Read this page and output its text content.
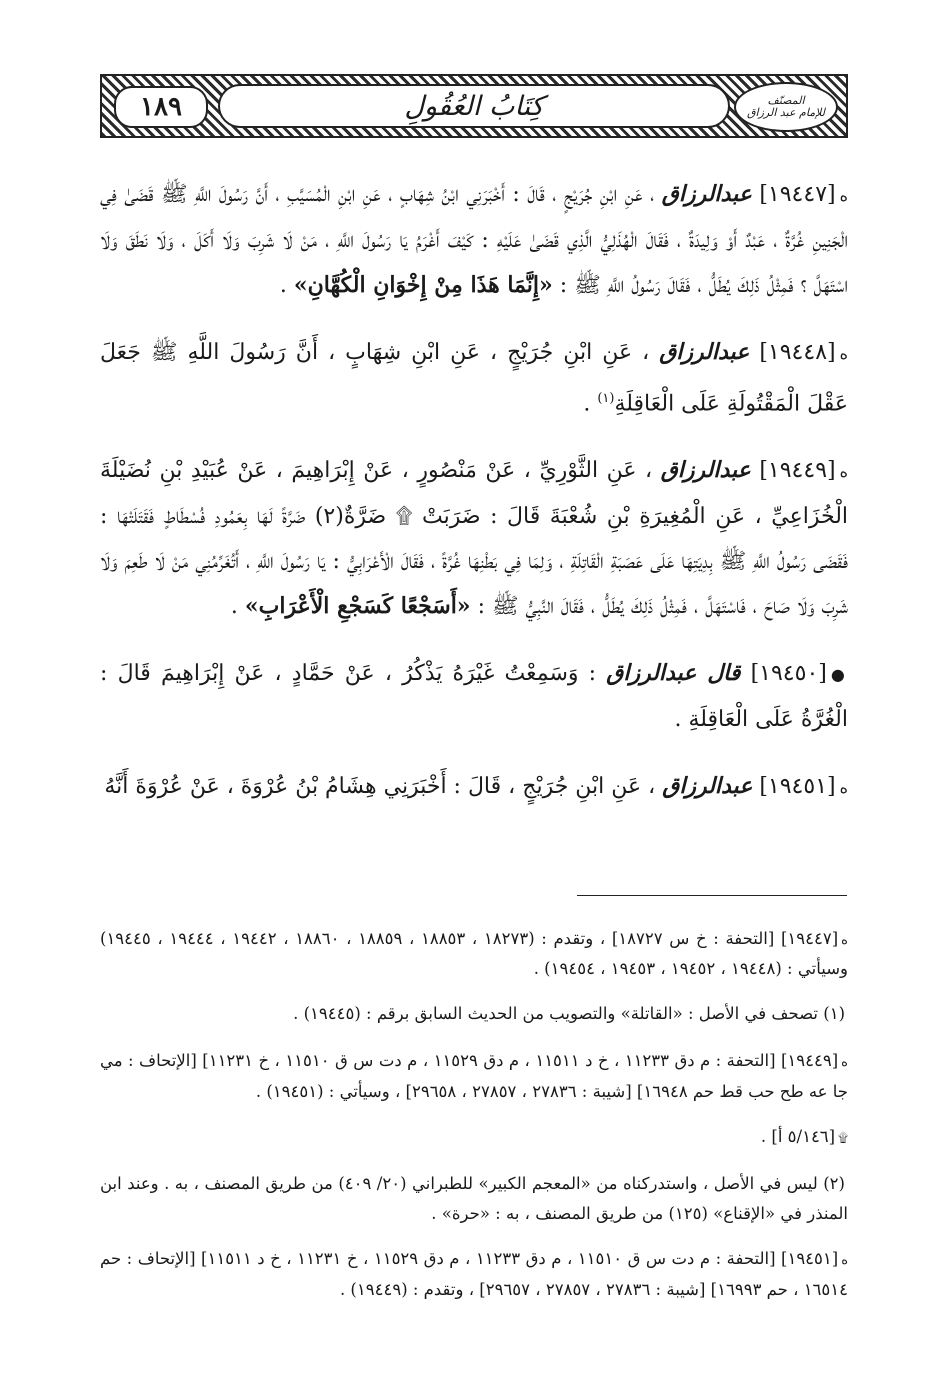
المصنّف
للإمام عبد الرزاق
كِتَابُ العُقُولِ
١٨٩

ه[١٩٤٤٧] عبدالرزاق ، عَنِ ابْنِ جُرَيْجٍ ، قَالَ : أَخْبَرَنِي ابْنُ شِهَابٍ ، عَنِ ابْنِ الْمُسَيَّبِ ، أَنَّ رَسُولَ اللَّهِ ﷺ قَضَىٰ فِي الْجَنِينِ غُرَّةٌ ، عَبْدٌ أَوْ وَلِيدَةٌ ، فَقَالَ الْهُذَلِيُّ الَّذِي قَضَىٰ عَلَيْهِ : كَيْفَ أَغْرَمُ يَا رَسُولَ اللَّهِ ، مَنْ لَا شَرِبَ وَلَا أَكَلَ ، وَلَا نَطَقَ وَلَا اسْتَهَلَّ ؟ فَمِثْلُ ذَلِكَ يُطَلُّ ، فَقَالَ رَسُولُ اللَّهِ ﷺ : «إِنَّمَا هَذَا مِنْ إِخْوَانِ الْكُهَّانِ» .

ه[١٩٤٤٨] عبدالرزاق ، عَنِ ابْنِ جُرَيْجٍ ، عَنِ ابْنِ شِهَابٍ ، أَنَّ رَسُولَ اللَّهِ ﷺ جَعَلَ عَقْلَ الْمَقْتُولَةِ عَلَى الْعَاقِلَةِ$^{(١)}$ .

ه[١٩٤٤٩] عبدالرزاق ، عَنِ الثَّوْرِيِّ ، عَنْ مَنْصُورٍ ، عَنْ إِبْرَاهِيمَ ، عَنْ عُبَيْدِ بْنِ نُضَيْلَةَ الْخُزَاعِيِّ ، عَنِ الْمُغِيرَةِ بْنِ شُعْبَةَ قَالَ : ضَرَبَتْ ۩ ضَرَّةٌ(٢) ضَرَّةً لَهَا بِعَمُودِ فُسْطَاطٍ فَقَتَلَتْهَا : فَقَضَى رَسُولُ اللَّهِ ﷺ بِدِيَتِهَا عَلَى عَصَبَةِ الْقَاتِلَةِ ، وَلِمَا فِي بَطْنِهَا غُرَّةً ، فَقَالَ الْأَعْرَابِيُّ : يَا رَسُولَ اللَّهِ ، أَتُغَرِّمُنِي مَنْ لَا طَعِمَ وَلَا شَرِبَ وَلَا صَاحَ ، فَاسْتَهَلَّ ، فَمِثْلُ ذَلِكَ يُطَلُّ ، فَقَالَ النَّبِيُّ ﷺ : «أَسَجْعًا كَسَجْعِ الْأَعْرَابِ» .

●[١٩٤٥٠] قال عبدالرزاق : وَسَمِعْتُ غَيْرَهُ يَذْكُرُ ، عَنْ حَمَّادٍ ، عَنْ إِبْرَاهِيمَ قَالَ : الْغُرَّةُ عَلَى الْعَاقِلَةِ .

ه[١٩٤٥١] عبدالرزاق ، عَنِ ابْنِ جُرَيْجٍ ، قَالَ : أَخْبَرَنِي هِشَامُ بْنُ عُرْوَةَ ، عَنْ عُرْوَةَ أَنَّهُ

ه[١٩٤٤٧] [التحفة : خ س ١٨٧٢٧] ، وتقدم : (١٨٢٧٣ ، ١٨٨٥٣ ، ١٨٨٥٩ ، ١٨٨٦٠ ، ١٩٤٤٢ ، ١٩٤٤٤ ، ١٩٤٤٥) وسيأتي : (١٩٤٤٨ ، ١٩٤٥٢ ، ١٩٤٥٣ ، ١٩٤٥٤) .

(١) تصحف في الأصل : «القاتلة» والتصويب من الحديث السابق برقم : (١٩٤٤٥) .

ه[١٩٤٤٩] [التحفة : م دق ١١٢٣٣ ، خ د ١١٥١١ ، م دق ١١٥٢٩ ، م دت س ق ١١٥١٠ ، خ ١١٢٣١] [الإتحاف : مي جا عه طح حب قط حم ١٦٩٤٨] [شيبة : ٢٧٨٣٦ ، ٢٧٨٥٧ ، ٢٩٦٥٨] ، وسيأتي : (١٩٤٥١) .

۩[٥/١٤٦ أ] .

(٢) ليس في الأصل ، واستدركناه من «المعجم الكبير» للطبراني (٢٠/ ٤٠٩) من طريق المصنف ، به . وعند ابن المنذر في «الإقناع» (١٢٥) من طريق المصنف ، به : «حرة» .

ه[١٩٤٥١] [التحفة : م دت س ق ١١٥١٠ ، م دق ١١٢٣٣ ، م دق ١١٥٢٩ ، خ ١١٢٣١ ، خ د ١١٥١١] [الإتحاف : حم ١٦٥١٤ ، حم ١٦٩٩٣] [شيبة : ٢٧٨٣٦ ، ٢٧٨٥٧ ، ٢٩٦٥٧] ، وتقدم : (١٩٤٤٩) .
